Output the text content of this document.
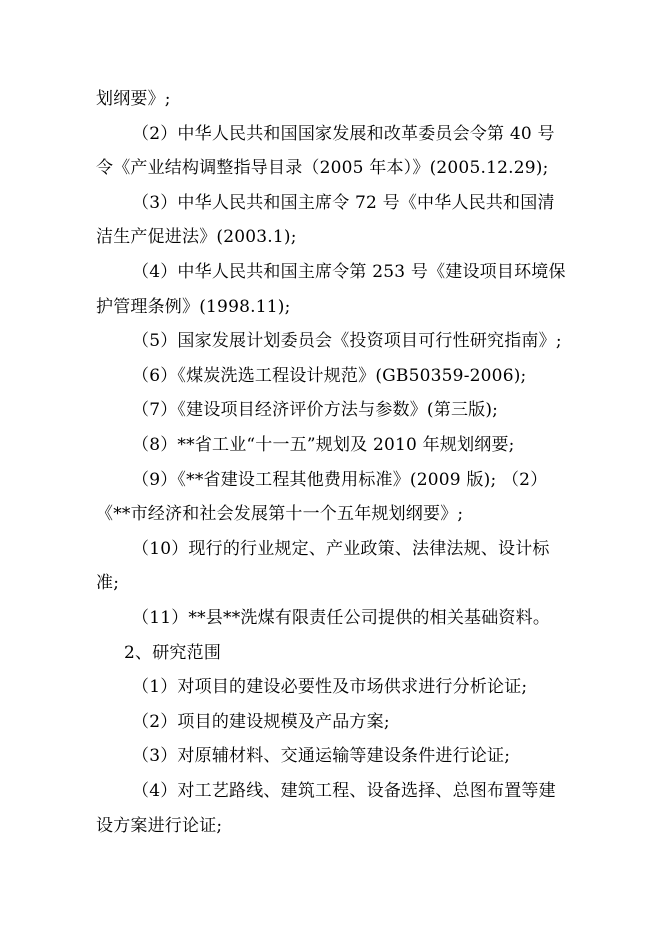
划纲要》;
（2）中华人民共和国国家发展和改革委员会令第 40 号
令《产业结构调整指导目录（2005 年本）》(2005.12.29);
（3）中华人民共和国主席令 72 号《中华人民共和国清
洁生产促进法》(2003.1);
（4）中华人民共和国主席令第 253 号《建设项目环境保
护管理条例》(1998.11);
（5）国家发展计划委员会《投资项目可行性研究指南》;
（6）《煤炭洗选工程设计规范》(GB50359-2006);
（7）《建设项目经济评价方法与参数》(第三版);
（8）**省工业“十一五”规划及 2010 年规划纲要;
（9）《**省建设工程其他费用标准》(2009 版); （2）
《**市经济和社会发展第十一个五年规划纲要》;
（10）现行的行业规定、产业政策、法律法规、设计标
准;
（11）**县**洗煤有限责任公司提供的相关基础资料。
2、研究范围
（1）对项目的建设必要性及市场供求进行分析论证;
（2）项目的建设规模及产品方案;
（3）对原辅材料、交通运输等建设条件进行论证;
（4）对工艺路线、建筑工程、设备选择、总图布置等建
设方案进行论证;
